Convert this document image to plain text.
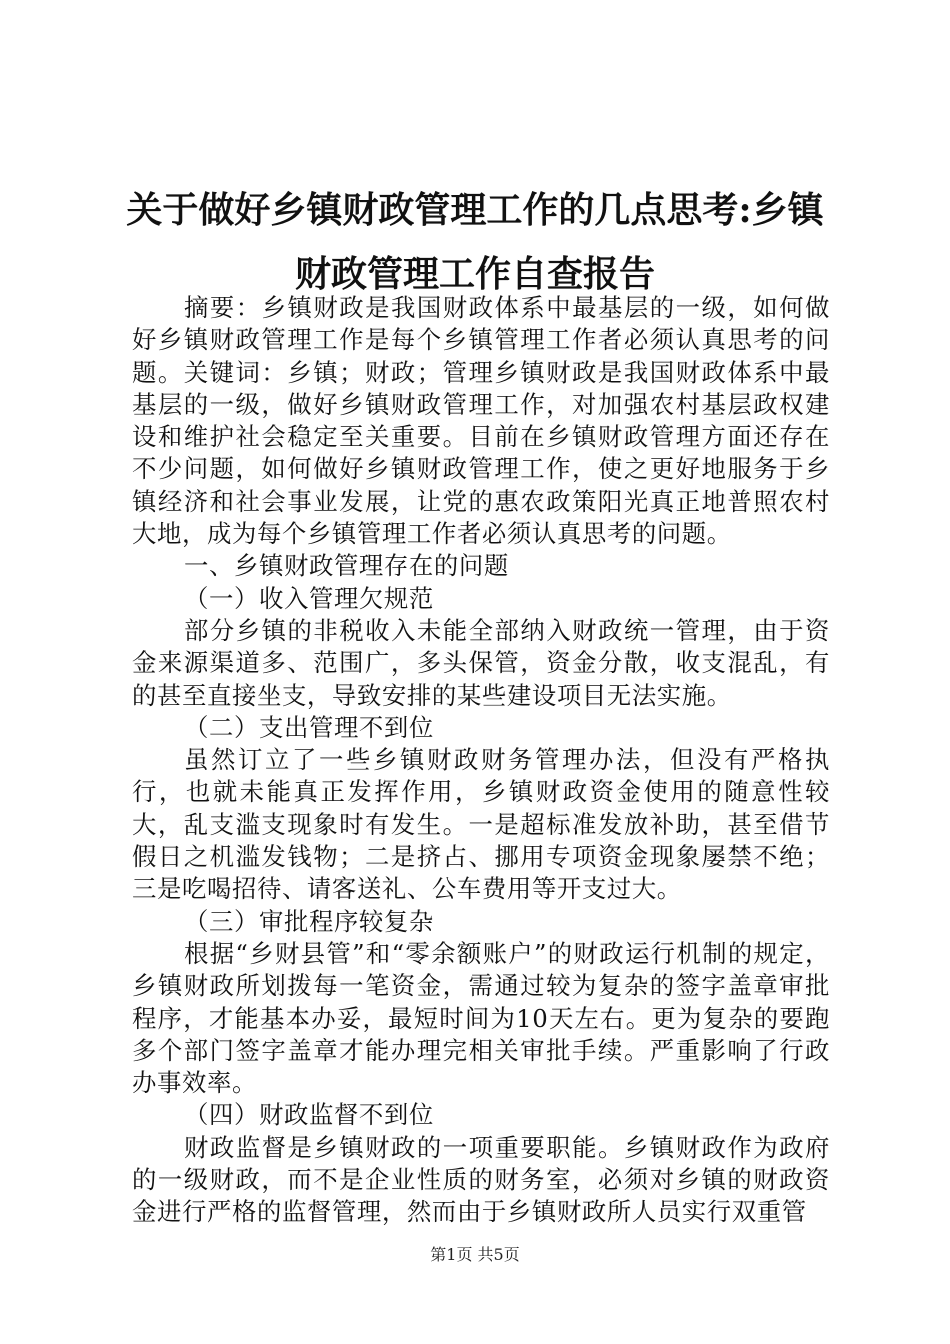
关于做好乡镇财政管理工作的几点思考:乡镇
财政管理工作自查报告

摘要：乡镇财政是我国财政体系中最基层的一级，如何做好乡镇财政管理工作是每个乡镇管理工作者必须认真思考的问题。关键词：乡镇；财政；管理乡镇财政是我国财政体系中最基层的一级，做好乡镇财政管理工作，对加强农村基层政权建设和维护社会稳定至关重要。目前在乡镇财政管理方面还存在不少问题，如何做好乡镇财政管理工作，使之更好地服务于乡镇经济和社会事业发展，让党的惠农政策阳光真正地普照农村大地，成为每个乡镇管理工作者必须认真思考的问题。

一、乡镇财政管理存在的问题

（一）收入管理欠规范

部分乡镇的非税收入未能全部纳入财政统一管理，由于资金来源渠道多、范围广，多头保管，资金分散，收支混乱，有的甚至直接坐支，导致安排的某些建设项目无法实施。

（二）支出管理不到位

虽然订立了一些乡镇财政财务管理办法，但没有严格执行，也就未能真正发挥作用，乡镇财政资金使用的随意性较大，乱支滥支现象时有发生。一是超标准发放补助，甚至借节假日之机滥发钱物；二是挤占、挪用专项资金现象屡禁不绝；三是吃喝招待、请客送礼、公车费用等开支过大。

（三）审批程序较复杂

根据“乡财县管”和“零余额账户”的财政运行机制的规定，乡镇财政所划拨每一笔资金，需通过较为复杂的签字盖章审批程序，才能基本办妥，最短时间为10天左右。更为复杂的要跑多个部门签字盖章才能办理完相关审批手续。严重影响了行政办事效率。

（四）财政监督不到位

财政监督是乡镇财政的一项重要职能。乡镇财政作为政府的一级财政，而不是企业性质的财务室，必须对乡镇的财政资金进行严格的监督管理，然而由于乡镇财政所人员实行双重管

第1页 共5页
